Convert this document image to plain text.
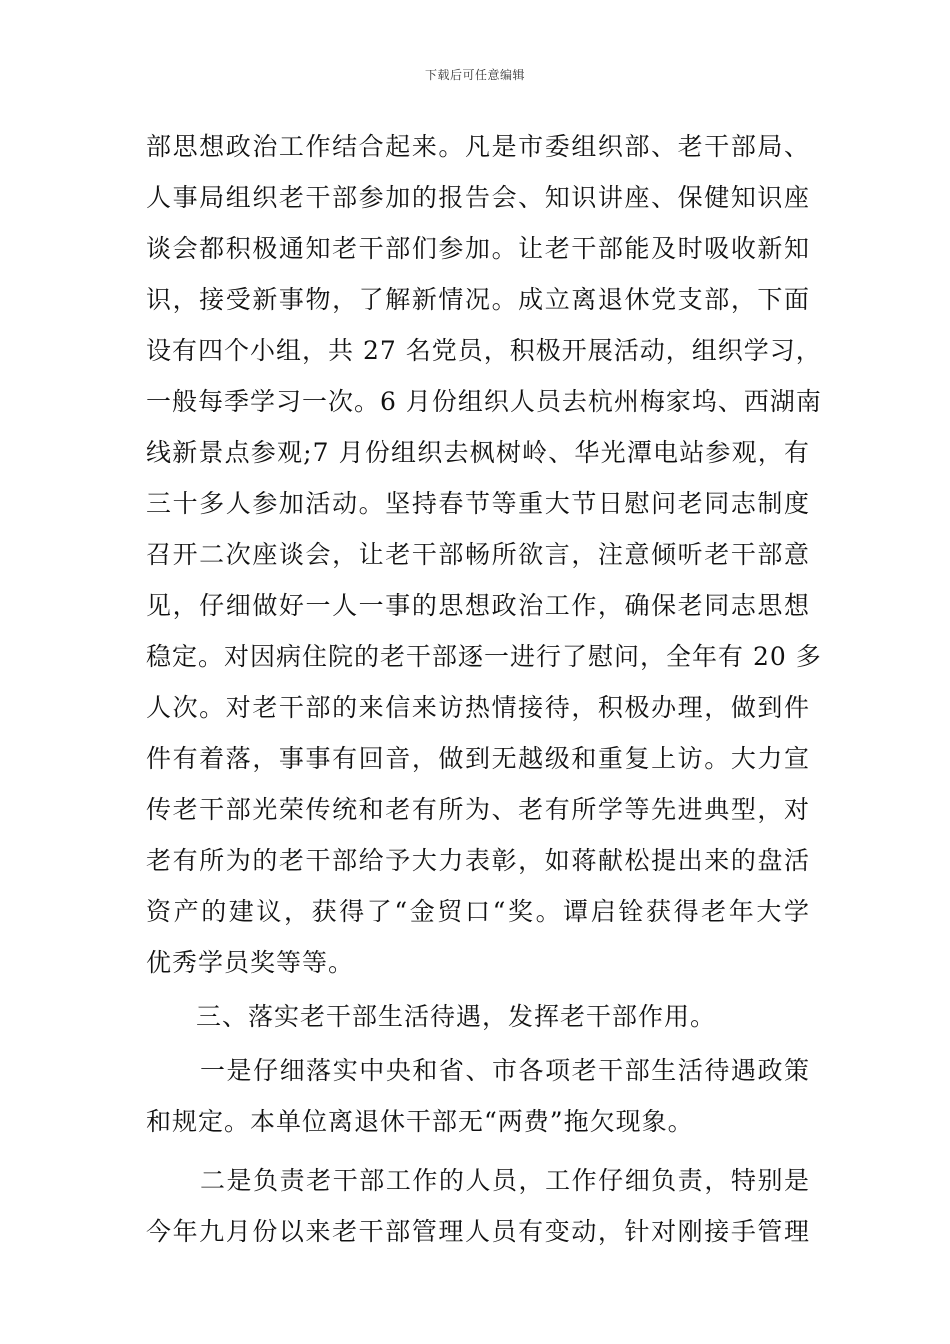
下载后可任意编辑
部思想政治工作结合起来。凡是市委组织部、老干部局、
人事局组织老干部参加的报告会、知识讲座、保健知识座
谈会都积极通知老干部们参加。让老干部能及时吸收新知
识，接受新事物，了解新情况。成立离退休党支部，下面
设有四个小组，共 27 名党员，积极开展活动，组织学习，
一般每季学习一次。6 月份组织人员去杭州梅家坞、西湖南
线新景点参观;7 月份组织去枫树岭、华光潭电站参观，有
三十多人参加活动。坚持春节等重大节日慰问老同志制度
召开二次座谈会，让老干部畅所欲言，注意倾听老干部意
见，仔细做好一人一事的思想政治工作，确保老同志思想
稳定。对因病住院的老干部逐一进行了慰问，全年有 20 多
人次。对老干部的来信来访热情接待，积极办理，做到件
件有着落，事事有回音，做到无越级和重复上访。大力宣
传老干部光荣传统和老有所为、老有所学等先进典型，对
老有所为的老干部给予大力表彰，如蒋献松提出来的盘活
资产的建议，获得了“金贸口“奖。谭启铨获得老年大学
优秀学员奖等等。
三、落实老干部生活待遇，发挥老干部作用。
一是仔细落实中央和省、市各项老干部生活待遇政策
和规定。本单位离退休干部无“两费”拖欠现象。
二是负责老干部工作的人员，工作仔细负责，特别是
今年九月份以来老干部管理人员有变动，针对刚接手管理
